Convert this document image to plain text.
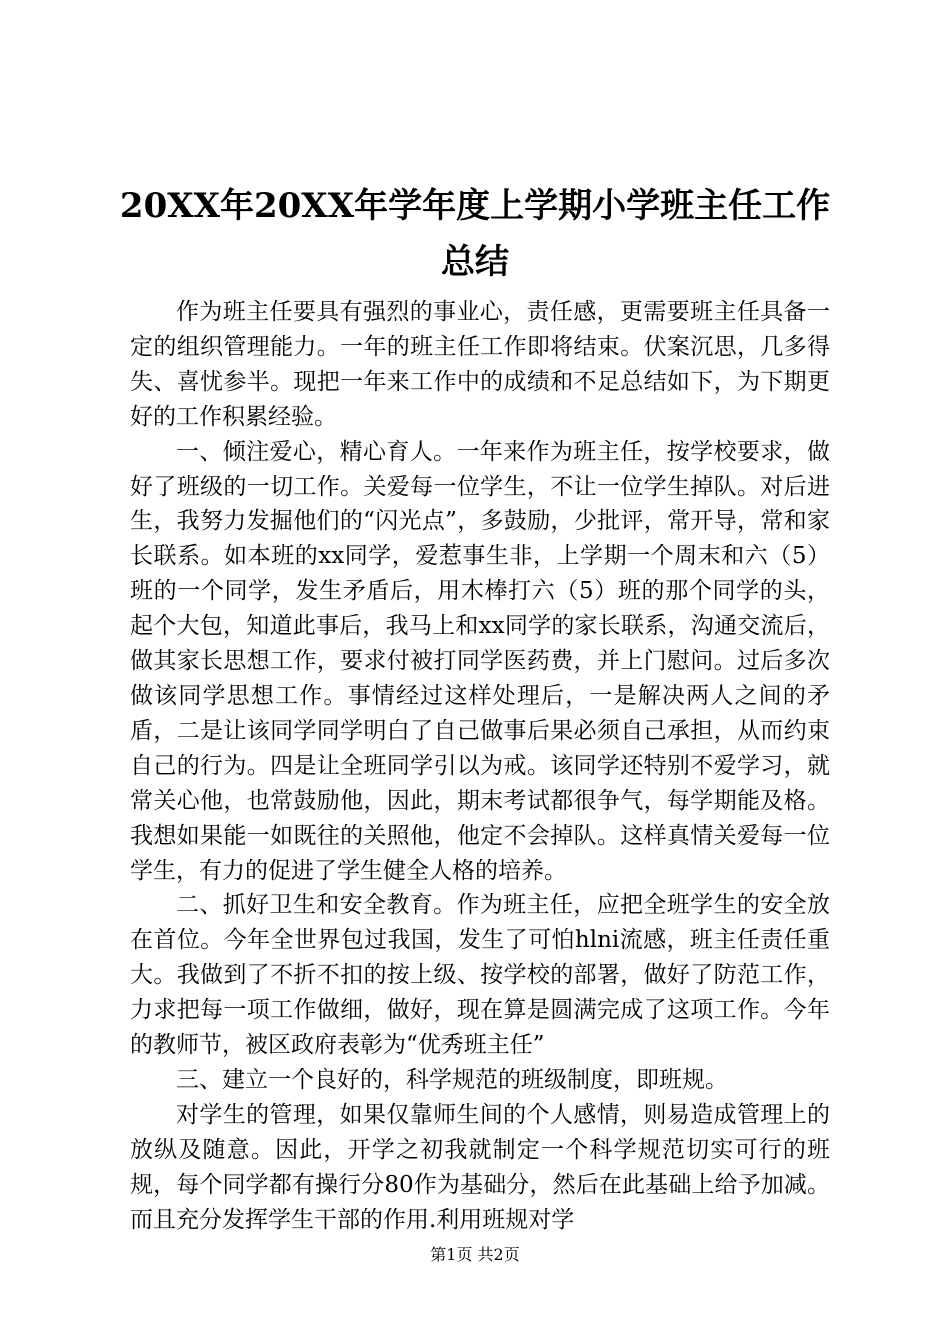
20XX年20XX年学年度上学期小学班主任工作
总结

作为班主任要具有强烈的事业心，责任感，更需要班主任具备一定的组织管理能力。一年的班主任工作即将结束。伏案沉思，几多得失、喜忧参半。现把一年来工作中的成绩和不足总结如下，为下期更好的工作积累经验。

一、倾注爱心，精心育人。一年来作为班主任，按学校要求，做好了班级的一切工作。关爱每一位学生，不让一位学生掉队。对后进生，我努力发掘他们的“闪光点”，多鼓励，少批评，常开导，常和家长联系。如本班的xx同学，爱惹事生非，上学期一个周末和六（5）班的一个同学，发生矛盾后，用木棒打六（5）班的那个同学的头，起个大包，知道此事后，我马上和xx同学的家长联系，沟通交流后，做其家长思想工作，要求付被打同学医药费，并上门慰问。过后多次做该同学思想工作。事情经过这样处理后，一是解决两人之间的矛盾，二是让该同学同学明白了自己做事后果必须自己承担，从而约束自己的行为。四是让全班同学引以为戒。该同学还特别不爱学习，就常关心他，也常鼓励他，因此，期末考试都很争气，每学期能及格。我想如果能一如既往的关照他，他定不会掉队。这样真情关爱每一位学生，有力的促进了学生健全人格的培养。

二、抓好卫生和安全教育。作为班主任，应把全班学生的安全放在首位。今年全世界包过我国，发生了可怕hlni流感，班主任责任重大。我做到了不折不扣的按上级、按学校的部署，做好了防范工作，力求把每一项工作做细，做好，现在算是圆满完成了这项工作。今年的教师节，被区政府表彰为“优秀班主任”

三、建立一个良好的，科学规范的班级制度，即班规。

对学生的管理，如果仅靠师生间的个人感情，则易造成管理上的放纵及随意。因此，开学之初我就制定一个科学规范切实可行的班规，每个同学都有操行分80作为基础分，然后在此基础上给予加减。而且充分发挥学生干部的作用.利用班规对学

第1页 共2页
